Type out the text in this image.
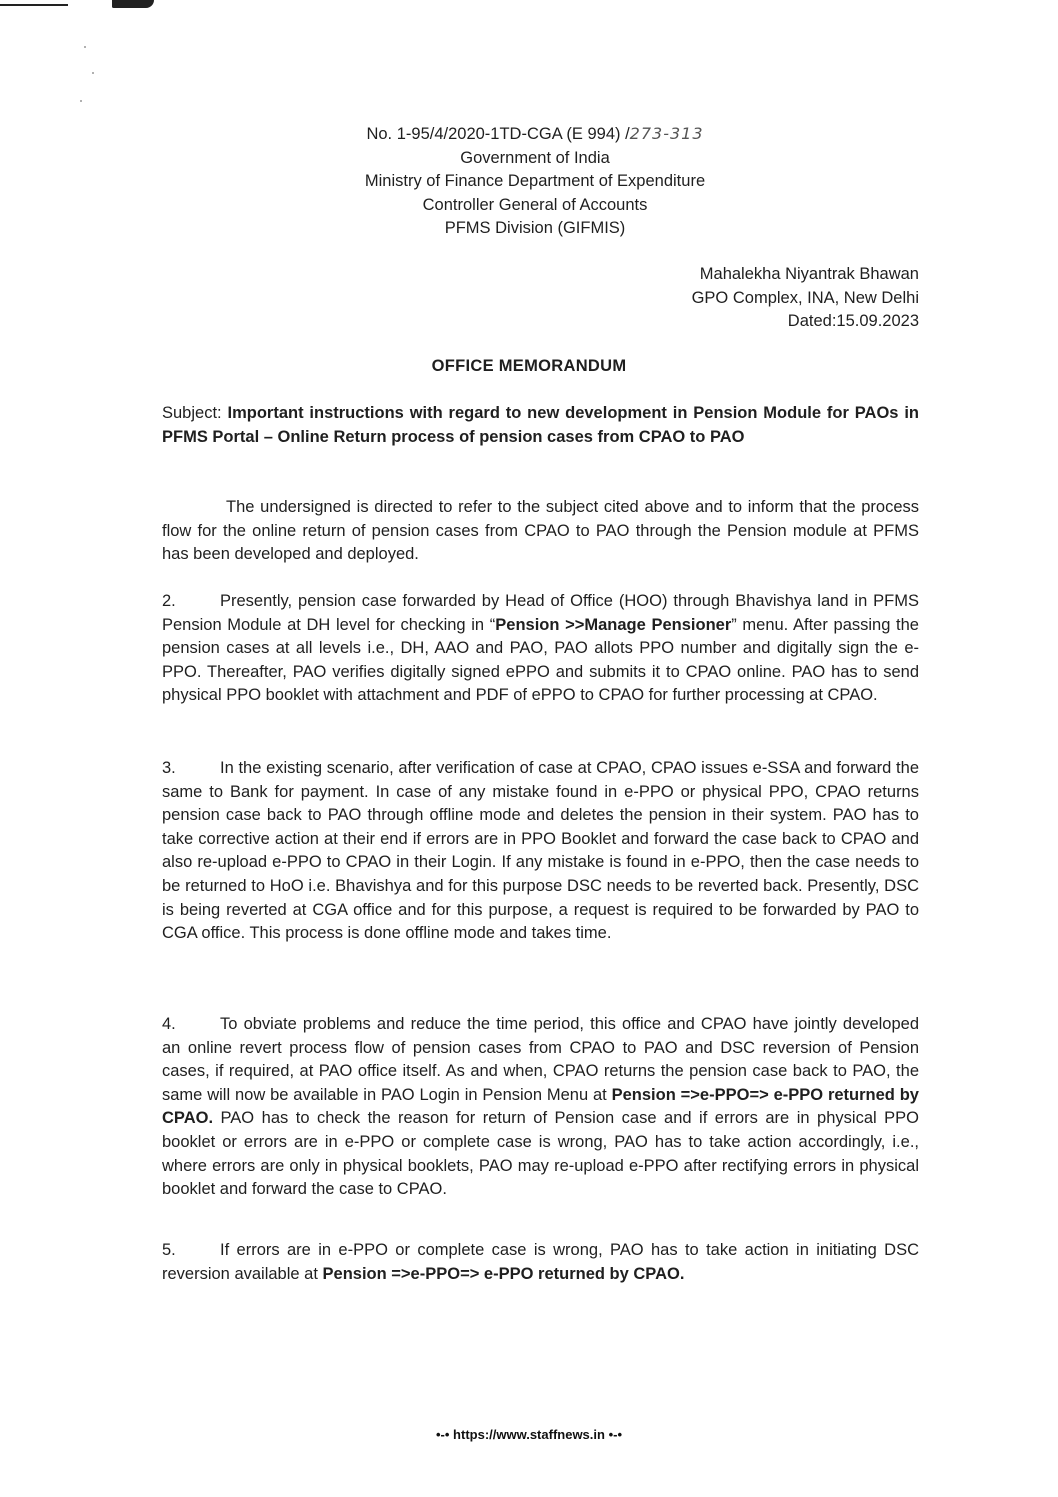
No. 1-95/4/2020-1TD-CGA (E 994) /273-313
Government of India
Ministry of Finance Department of Expenditure
Controller General of Accounts
PFMS Division (GIFMIS)
Mahalekha Niyantrak Bhawan
GPO Complex, INA, New Delhi
Dated:15.09.2023
OFFICE MEMORANDUM
Subject: Important instructions with regard to new development in Pension Module for PAOs in PFMS Portal – Online Return process of pension cases from CPAO to PAO
The undersigned is directed to refer to the subject cited above and to inform that the process flow for the online return of pension cases from CPAO to PAO through the Pension module at PFMS has been developed and deployed.
2.	Presently, pension case forwarded by Head of Office (HOO) through Bhavishya land in PFMS Pension Module at DH level for checking in “Pension >>Manage Pensioner” menu. After passing the pension cases at all levels i.e., DH, AAO and PAO, PAO allots PPO number and digitally sign the e-PPO. Thereafter, PAO verifies digitally signed ePPO and submits it to CPAO online. PAO has to send physical PPO booklet with attachment and PDF of ePPO to CPAO for further processing at CPAO.
3.	In the existing scenario, after verification of case at CPAO, CPAO issues e-SSA and forward the same to Bank for payment. In case of any mistake found in e-PPO or physical PPO, CPAO returns pension case back to PAO through offline mode and deletes the pension in their system. PAO has to take corrective action at their end if errors are in PPO Booklet and forward the case back to CPAO and also re-upload e-PPO to CPAO in their Login. If any mistake is found in e-PPO, then the case needs to be returned to HoO i.e. Bhavishya and for this purpose DSC needs to be reverted back. Presently, DSC is being reverted at CGA office and for this purpose, a request is required to be forwarded by PAO to CGA office. This process is done offline mode and takes time.
4.	To obviate problems and reduce the time period, this office and CPAO have jointly developed an online revert process flow of pension cases from CPAO to PAO and DSC reversion of Pension cases, if required, at PAO office itself. As and when, CPAO returns the pension case back to PAO, the same will now be available in PAO Login in Pension Menu at Pension =>e-PPO=> e-PPO returned by CPAO. PAO has to check the reason for return of Pension case and if errors are in physical PPO booklet or errors are in e-PPO or complete case is wrong, PAO has to take action accordingly, i.e., where errors are only in physical booklets, PAO may re-upload e-PPO after rectifying errors in physical booklet and forward the case to CPAO.
5.	If errors are in e-PPO or complete case is wrong, PAO has to take action in initiating DSC reversion available at Pension =>e-PPO=> e-PPO returned by CPAO.
•-• https://www.staffnews.in •-•
